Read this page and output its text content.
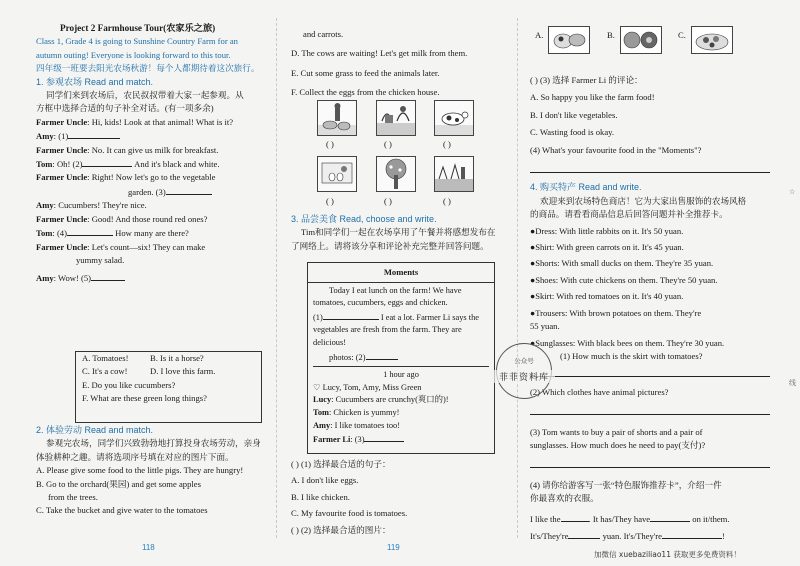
Project 2 Farmhouse Tour(农家乐之旅)

Class 1, Grade 4 is going to Sunshine Country Farm for an

autumn outing! Everyone is looking forward to this tour.

四年级一班要去阳光农场秋游！每个人都期待着这次旅行。

1. 参观农场 Read and match.

同学们来到农场后，农民叔叔带着大家一起参观。从

方框中选择合适的句子补全对话。(有一项多余)

Farmer Uncle: Hi, kids! Look at that animal! What is it?

Amy: (1)

Farmer Uncle: No. It can give us milk for breakfast.

Tom: Oh! (2)	And it's black and white.

Farmer Uncle: Right! Now let's go to the vegetable

garden. (3)

Amy: Cucumbers! They're nice.

Farmer Uncle: Good! And those round red ones?

Tom: (4)	How many are there?

Farmer Uncle: Let's count—six! They can make

yummy salad.

Amy: Wow! (5)

A. Tomatoes!	B. Is it a horse?
C. It's a cow!	D. I love this farm.
E. Do you like cucumbers?
F. What are these green long things?

2. 体验劳动 Read and match.

参观完农场，同学们兴致勃勃地打算投身农场劳动，亲身

体验耕种之趣。请将选项序号填在对应的图片下面。

A. Please give some food to the little pigs. They are hungry!

B. Go to the orchard(果园) and get some apples

from the trees.

C. Take the bucket and give water to the tomatoes

and carrots.

D. The cows are waiting! Let's get milk from them.

E. Cut some grass to feed the animals later.

F. Collect the eggs from the chicken house.

( )	( )	( )
( )	( )	( )

3. 品尝美食 Read, choose and write.

Tim和同学们一起在农场享用了午餐并将感想发布在

了网络上。请将该分享和评论补充完整并回答问题。

Moments

Today I eat lunch on the farm! We have

tomatoes, cucumbers, eggs and chicken.

(1)	I eat a lot. Farmer Li says the

vegetables are fresh from the farm. They are

delicious!

photos: (2)

1 hour ago

♡ Lucy, Tom, Amy, Miss Green

Lucy: Cucumbers are crunchy(爽口的)!

Tom: Chicken is yummy!

Amy: I like tomatoes too!

Farmer Li: (3)

( ) (1) 选择最合适的句子：

A. I don't like eggs.

B. I like chicken.

C. My favourite food is tomatoes.

( ) (2) 选择最合适的图片：

A.	B.	C.

( ) (3) 选择 Farmer Li 的评论：

A. So happy you like the farm food!

B. I don't like vegetables.

C. Wasting food is okay.

(4) What's your favourite food in the "Moments"?

4. 购买特产 Read and write.

欢迎来到农场特色商店！它为大家出售服饰的农场风格

的商品。请看看商品信息后回答问题并补全推荐卡。

●Dress: With little rabbits on it. It's 50 yuan.

●Shirt: With green carrots on it. It's 45 yuan.

●Shorts: With small ducks on them. They're 35 yuan.

●Shoes: With cute chickens on them. They're 50 yuan.

●Skirt: With red tomatoes on it. It's 40 yuan.

●Trousers: With brown potatoes on them. They're

55 yuan.

●Sunglasses: With black bees on them. They're 30 yuan.

(1) How much is the skirt with tomatoes?

(2) Which clothes have animal pictures?

(3) Tom wants to buy a pair of shorts and a pair of

sunglasses. How much does he need to pay(支付)?

(4) 请你给游客写一张“特色服饰推荐卡”，介绍一件

你最喜欢的衣服。

I like the	. It has/They have	on it/them.

It's/They're	yuan. It's/They're	!

公众号
菲菲资料库
☆
线
118	119
加微信 xuebaziliao11 获取更多免费资料！
